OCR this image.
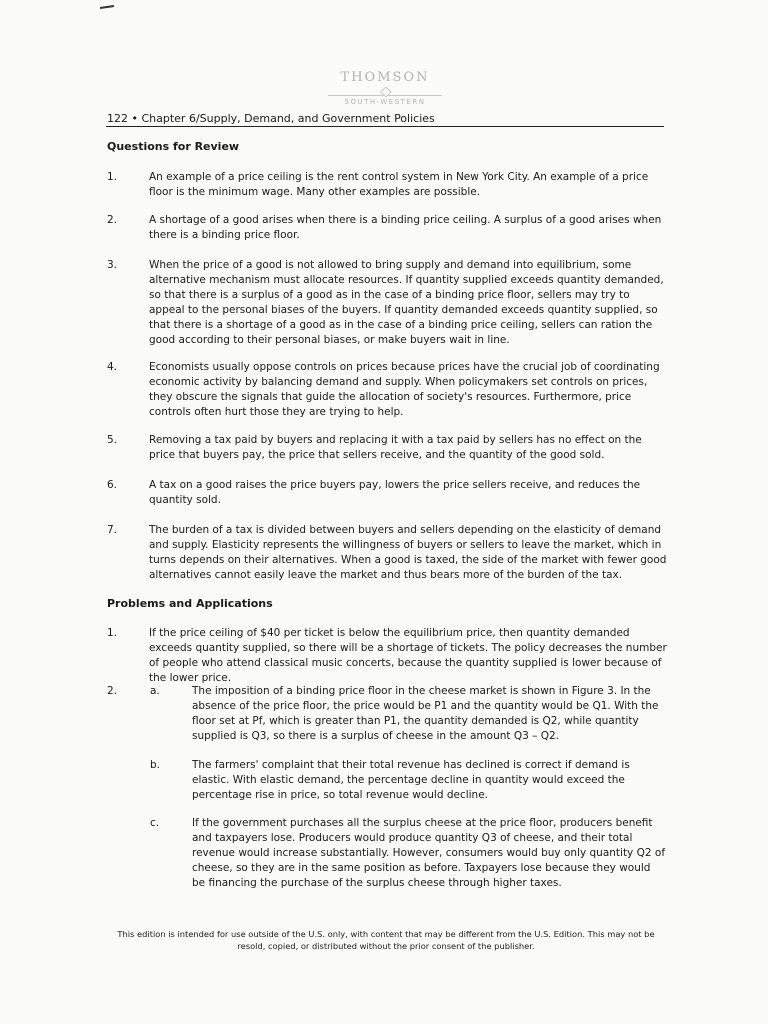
THOMSON
SOUTH-WESTERN
122 • Chapter 6/Supply, Demand, and Government Policies
Questions for Review
1.	An example of a price ceiling is the rent control system in New York City. An example of a price floor is the minimum wage. Many other examples are possible.
2.	A shortage of a good arises when there is a binding price ceiling. A surplus of a good arises when there is a binding price floor.
3.	When the price of a good is not allowed to bring supply and demand into equilibrium, some alternative mechanism must allocate resources. If quantity supplied exceeds quantity demanded, so that there is a surplus of a good as in the case of a binding price floor, sellers may try to appeal to the personal biases of the buyers. If quantity demanded exceeds quantity supplied, so that there is a shortage of a good as in the case of a binding price ceiling, sellers can ration the good according to their personal biases, or make buyers wait in line.
4.	Economists usually oppose controls on prices because prices have the crucial job of coordinating economic activity by balancing demand and supply. When policymakers set controls on prices, they obscure the signals that guide the allocation of society's resources. Furthermore, price controls often hurt those they are trying to help.
5.	Removing a tax paid by buyers and replacing it with a tax paid by sellers has no effect on the price that buyers pay, the price that sellers receive, and the quantity of the good sold.
6.	A tax on a good raises the price buyers pay, lowers the price sellers receive, and reduces the quantity sold.
7.	The burden of a tax is divided between buyers and sellers depending on the elasticity of demand and supply. Elasticity represents the willingness of buyers or sellers to leave the market, which in turns depends on their alternatives. When a good is taxed, the side of the market with fewer good alternatives cannot easily leave the market and thus bears more of the burden of the tax.
Problems and Applications
1.	If the price ceiling of $40 per ticket is below the equilibrium price, then quantity demanded exceeds quantity supplied, so there will be a shortage of tickets. The policy decreases the number of people who attend classical music concerts, because the quantity supplied is lower because of the lower price.
2.	a.	The imposition of a binding price floor in the cheese market is shown in Figure 3. In the absence of the price floor, the price would be P1 and the quantity would be Q1. With the floor set at Pf, which is greater than P1, the quantity demanded is Q2, while quantity supplied is Q3, so there is a surplus of cheese in the amount Q3 – Q2.
b.	The farmers' complaint that their total revenue has declined is correct if demand is elastic. With elastic demand, the percentage decline in quantity would exceed the percentage rise in price, so total revenue would decline.
c.	If the government purchases all the surplus cheese at the price floor, producers benefit and taxpayers lose. Producers would produce quantity Q3 of cheese, and their total revenue would increase substantially. However, consumers would buy only quantity Q2 of cheese, so they are in the same position as before. Taxpayers lose because they would be financing the purchase of the surplus cheese through higher taxes.
This edition is intended for use outside of the U.S. only, with content that may be different from the U.S. Edition. This may not be resold, copied, or distributed without the prior consent of the publisher.
